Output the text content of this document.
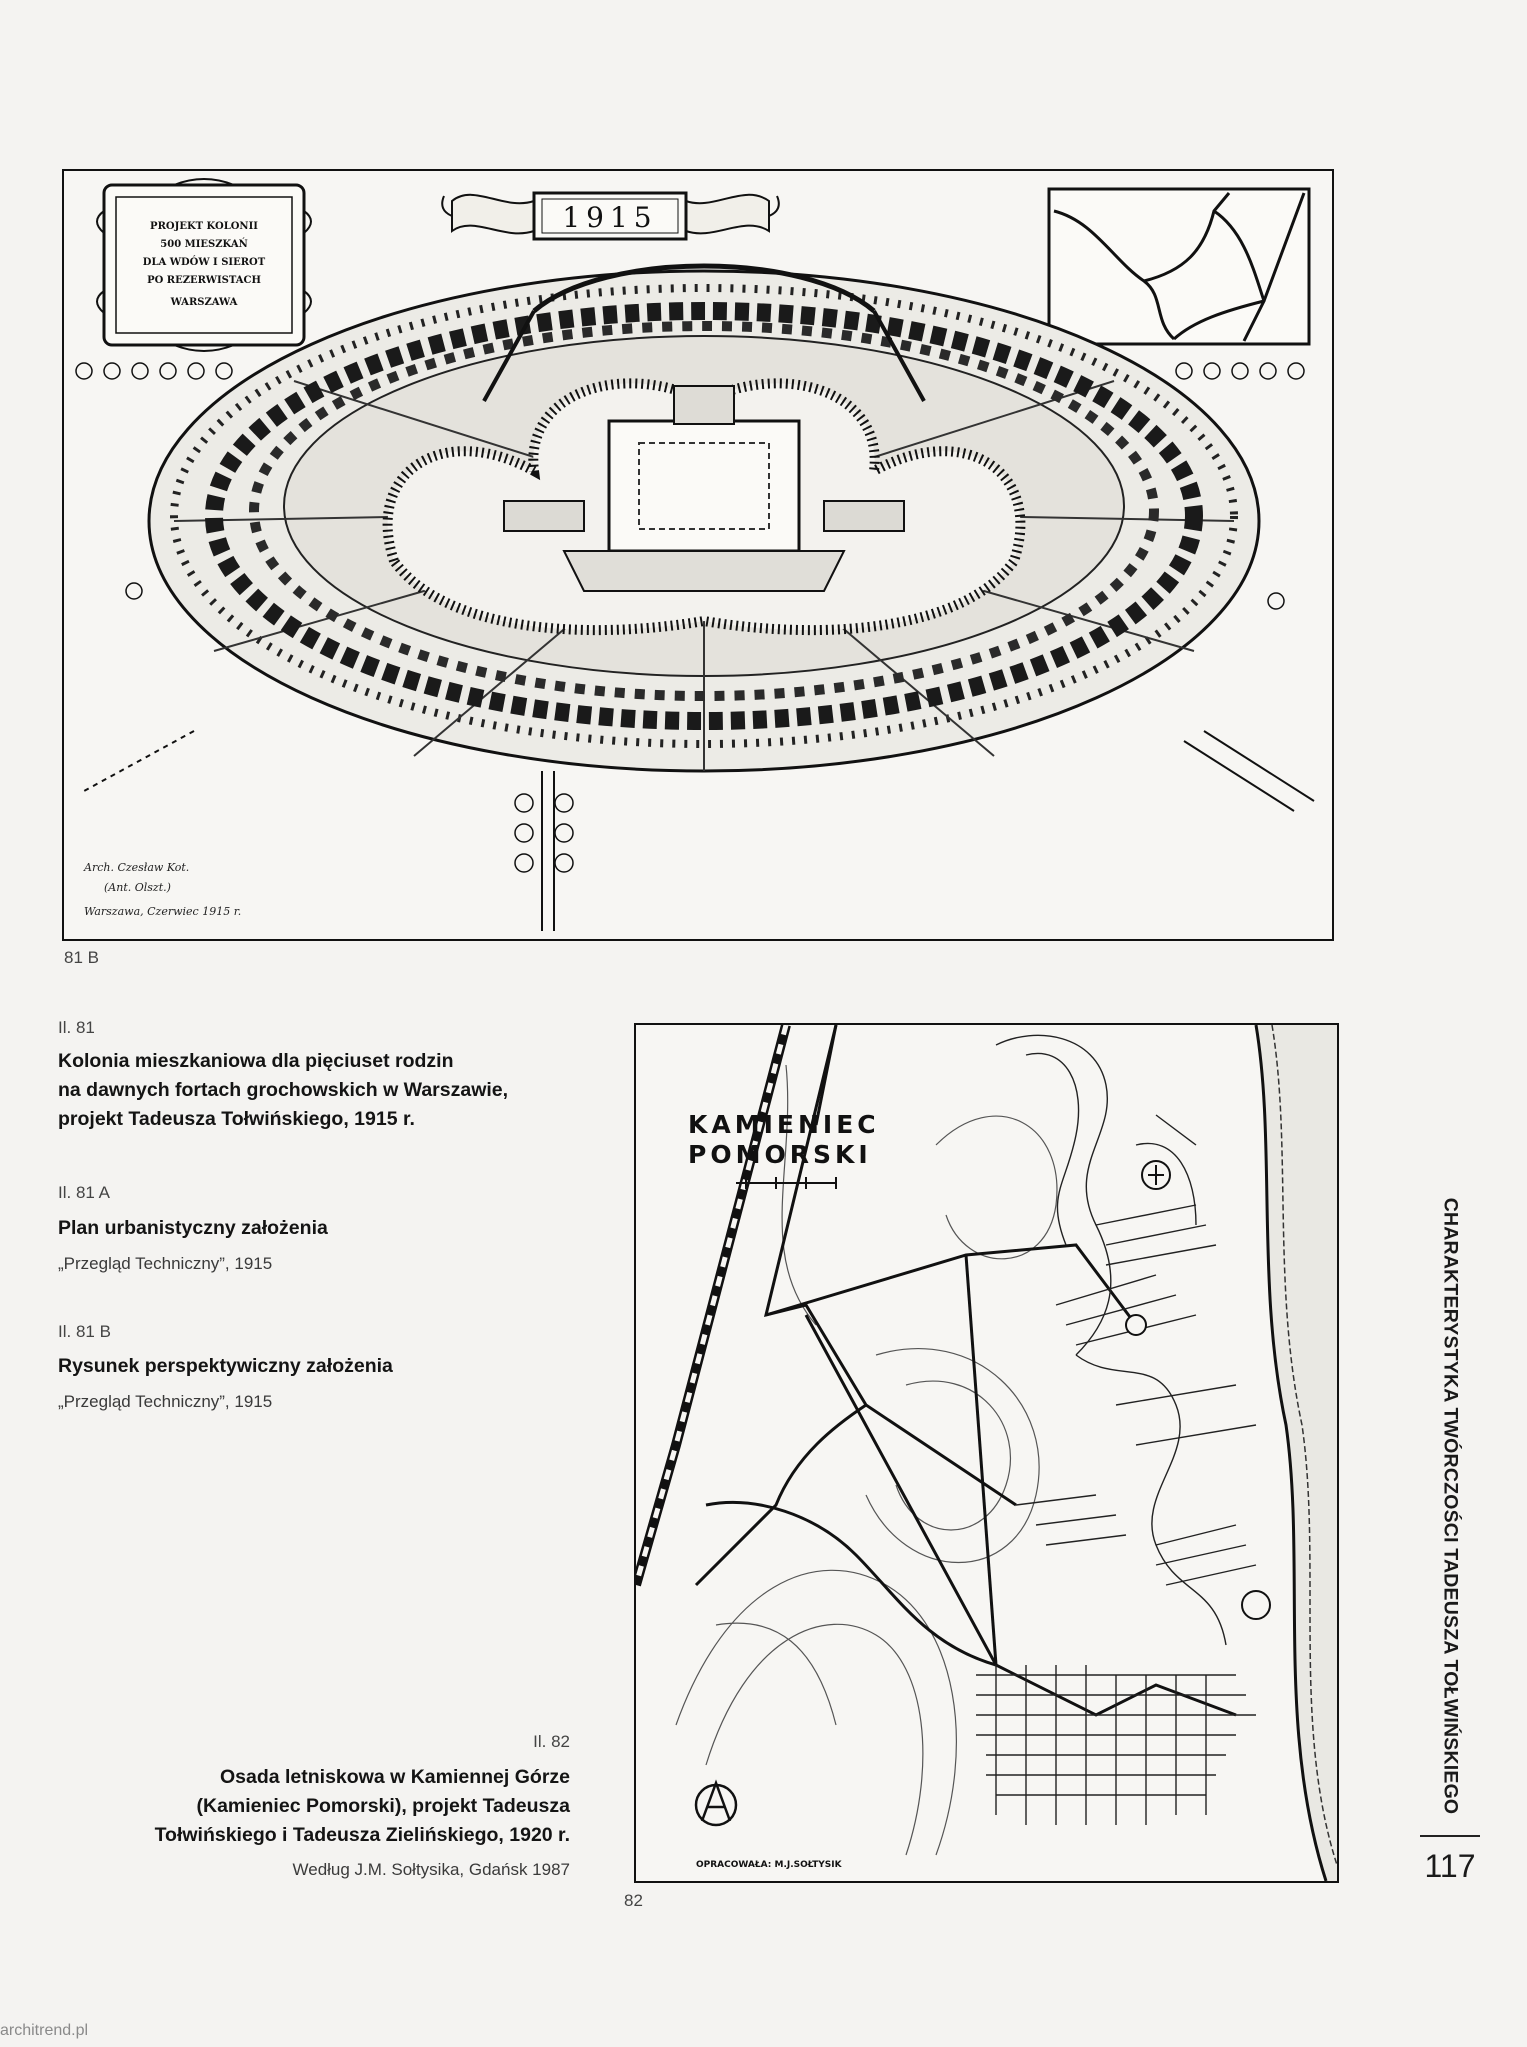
PROJEKT KOLONII
500 MIESZKAŃ
DLA WDÓW I SIEROT
PO REZERWISTACH
WARSZAWA
1915
Arch. Czesław Kot.
(Ant. Olszt.)
Warszawa, Czerwiec 1915 r.
81 B
Il. 81
Kolonia mieszkaniowa dla pięciuset rodzin
na dawnych fortach grochowskich w Warszawie,
projekt Tadeusza Tołwińskiego, 1915 r.
Il. 81 A
Plan urbanistyczny założenia
„Przegląd Techniczny”, 1915
Il. 81 B
Rysunek perspektywiczny założenia
„Przegląd Techniczny”, 1915
Il. 82
Osada letniskowa w Kamiennej Górze
(Kamieniec Pomorski), projekt Tadeusza
Tołwińskiego i Tadeusza Zielińskiego, 1920 r.
Według J.M. Sołtysika, Gdańsk 1987
KAMIENIEC
POMORSKI
OPRACOWAŁA: M.J.SOŁTYSIK
82
CHARAKTERYSTYKA TWÓRCZOŚCI TADEUSZA TOŁWIŃSKIEGO
117
architrend.pl
